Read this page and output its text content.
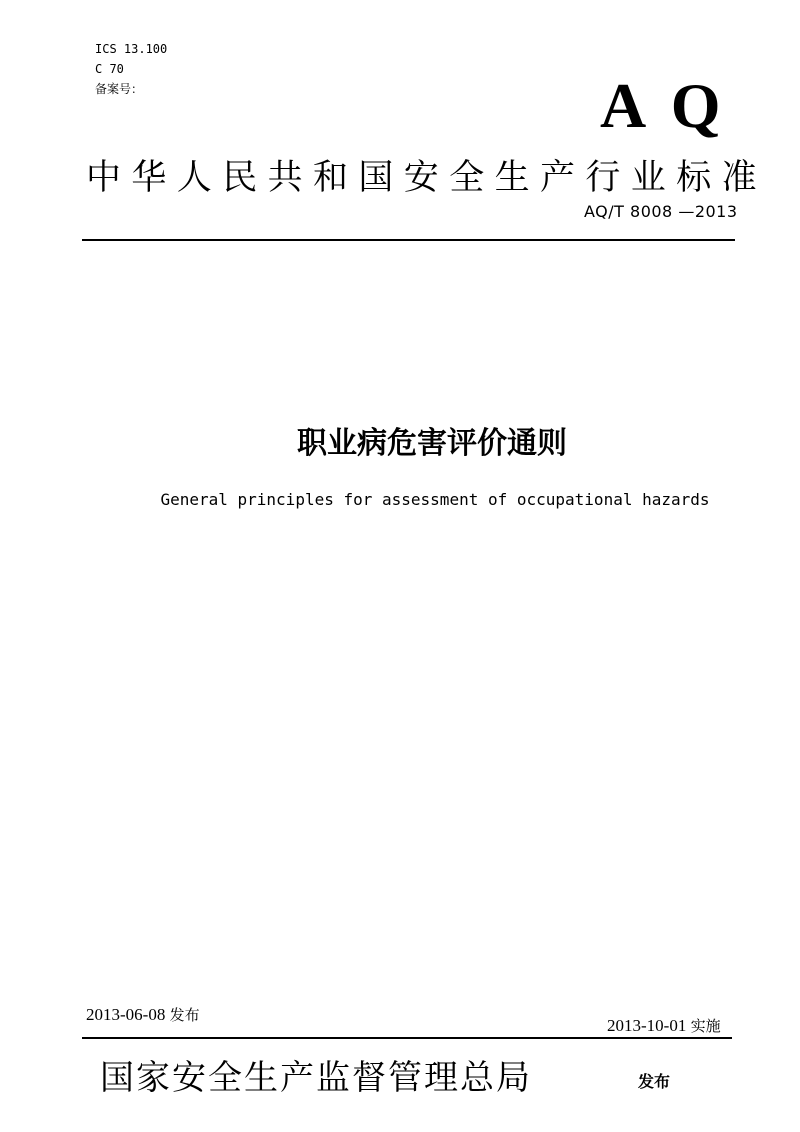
ICS 13.100
C 70
备案号：	A Q
中华人民共和国安全生产行业标准
AQ/T 8008 —2013
职业病危害评价通则
General principles for assessment of occupational hazards
2013-06-08 发布
2013-10-01 实施
国家安全生产监督管理总局	发布
